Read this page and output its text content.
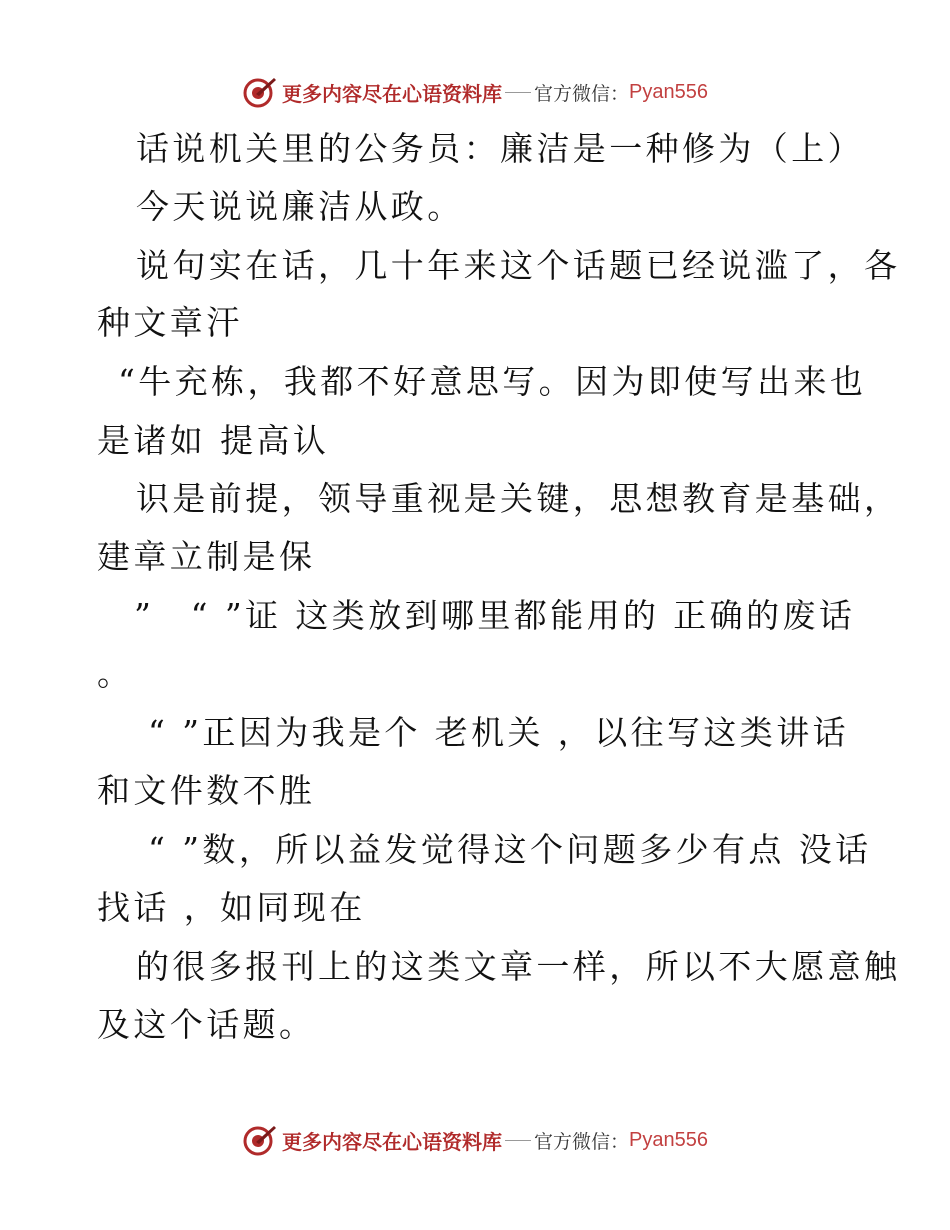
更多内容尽在心语资料库 官方微信： Pyan556
话说机关里的公务员：廉洁是一种修为（上）
今天说说廉洁从政。
说句实在话，几十年来这个话题已经说滥了，各
种文章汗
“牛充栋，我都不好意思写。因为即使写出来也
是诸如 提高认
识是前提，领导重视是关键，思想教育是基础，
建章立制是保
”　“ ”证 这类放到哪里都能用的 正确的废话
。
“ ”正因为我是个 老机关 ，以往写这类讲话
和文件数不胜
“ ”数，所以益发觉得这个问题多少有点 没话
找话 ，如同现在
的很多报刊上的这类文章一样，所以不大愿意触
及这个话题。
更多内容尽在心语资料库 官方微信： Pyan556
